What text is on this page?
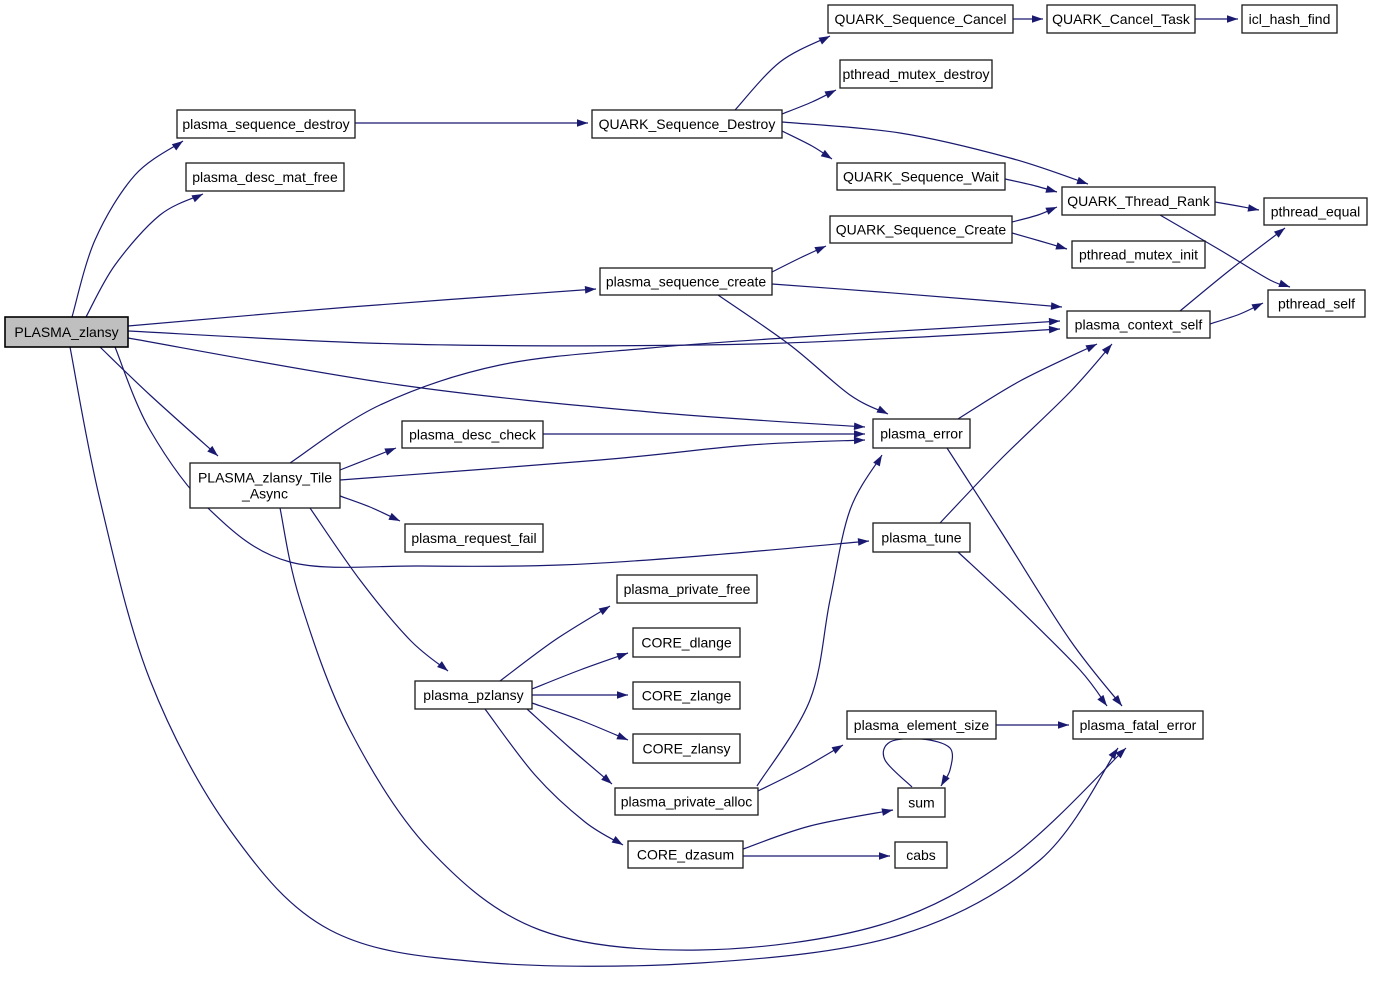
PLASMA_zlansy
plasma_sequence_destroy
plasma_desc_mat_free
QUARK_Sequence_Destroy
QUARK_Sequence_Cancel	QUARK_Cancel_Task	icl_hash_find
pthread_mutex_destroy
QUARK_Sequence_Wait
QUARK_Sequence_Create
QUARK_Thread_Rank
pthread_equal
pthread_mutex_init
pthread_self
plasma_context_self
plasma_sequence_create
plasma_desc_check
PLASMA_zlansy_Tile _Async
plasma_request_fail
plasma_error
plasma_tune
plasma_private_free
CORE_dlange
CORE_zlange
CORE_zlansy
plasma_pzlansy
plasma_private_alloc
CORE_dzasum
plasma_element_size	plasma_fatal_error
sum
cabs
